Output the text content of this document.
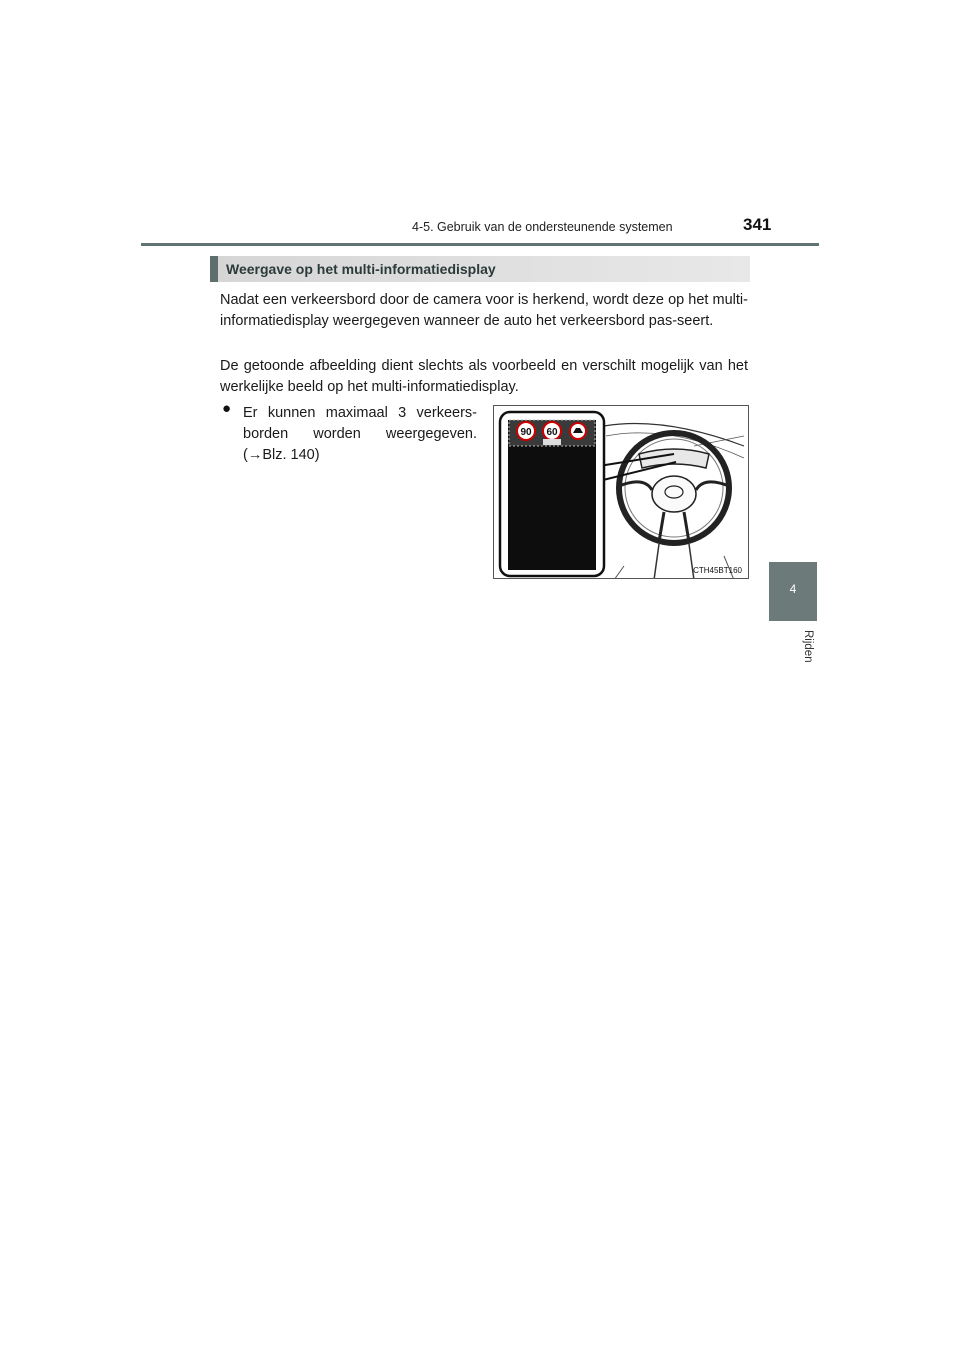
4-5. Gebruik van de ondersteunende systemen	341
4
Rijden
Weergave op het multi-informatiedisplay
Nadat een verkeersbord door de camera voor is herkend, wordt deze op het multi-informatiedisplay weergegeven wanneer de auto het verkeersbord pas-seert.
De getoonde afbeelding dient slechts als voorbeeld en verschilt mogelijk van het werkelijke beeld op het multi-informatiedisplay.
● Er kunnen maximaal 3 verkeers-borden worden weergegeven.
(→Blz. 140)
90 60
CTH45BT160
